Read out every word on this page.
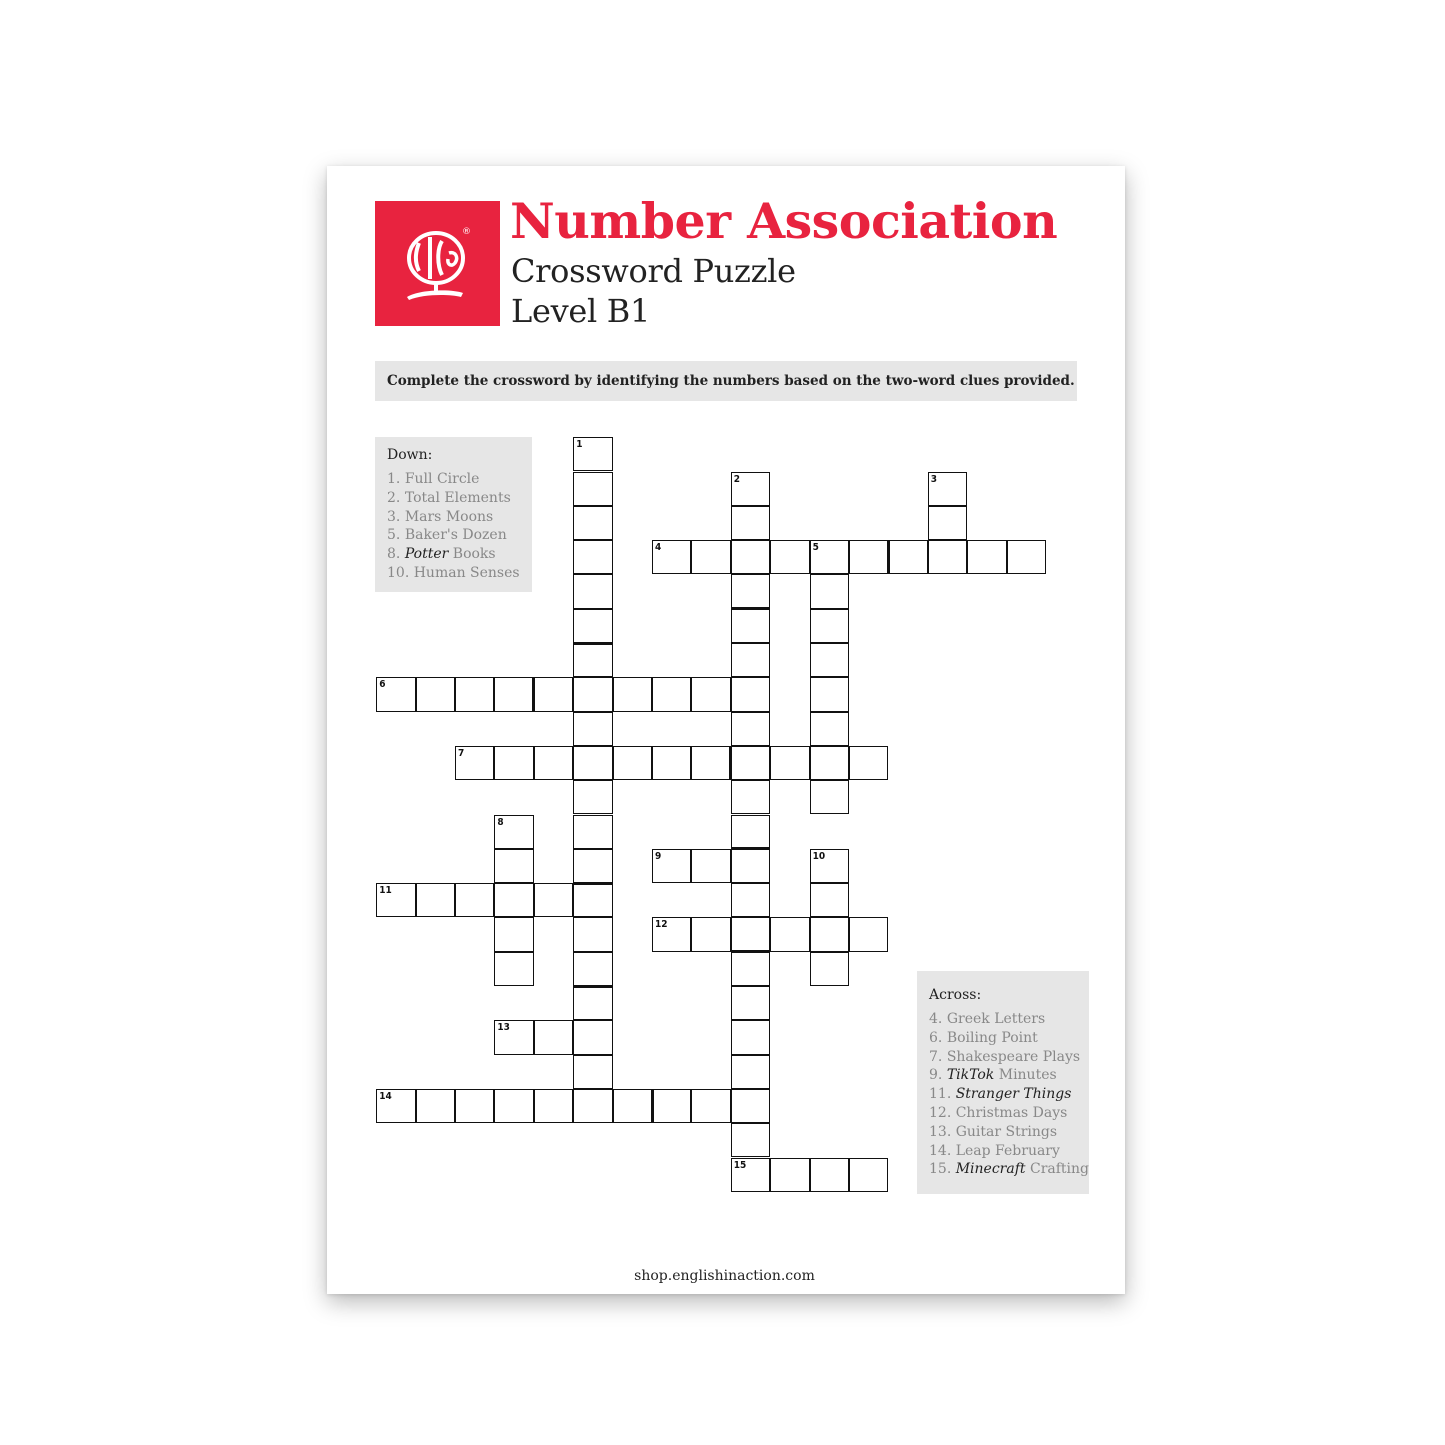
® Number Association
Crossword Puzzle
Level B1
Complete the crossword by identifying the numbers based on the two-word clues provided.
Down:
1. Full Circle
2. Total Elements
3. Mars Moons
5. Baker's Dozen
8. Potter Books
10. Human Senses
Across:
4. Greek Letters
6. Boiling Point
7. Shakespeare Plays
9. TikTok Minutes
11. Stranger Things
12. Christmas Days
13. Guitar Strings
14. Leap February
15. Minecraft Crafting
1
2	3
4	5
6
7
8
9	10
11
12
13
14
15
shop.englishinaction.com
